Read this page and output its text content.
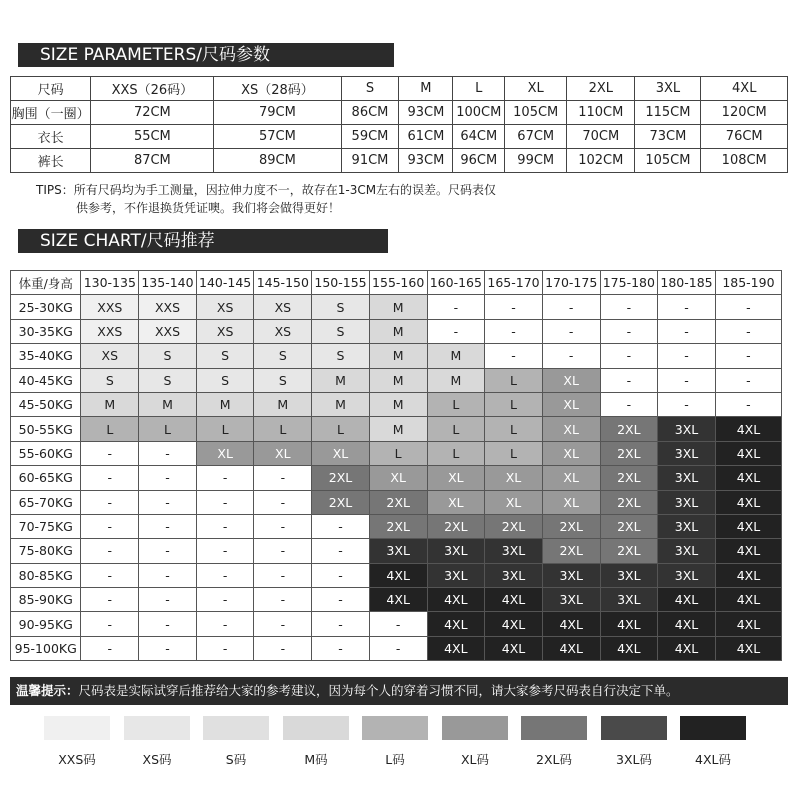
SIZE PARAMETERS/尺码参数
尺码	XXS（26码）	XS（28码）	S	M	L	XL	2XL	3XL	4XL
胸围（一圈）	72CM	79CM	86CM	93CM	100CM	105CM	110CM	115CM	120CM
衣长	55CM	57CM	59CM	61CM	64CM	67CM	70CM	73CM	76CM
裤长	87CM	89CM	91CM	93CM	96CM	99CM	102CM	105CM	108CM
TIPS：所有尺码均为手工测量，因拉伸力度不一，故存在1-3CM左右的误差。尺码表仅
供参考，不作退换货凭证噢。我们将会做得更好！
SIZE CHART/尺码推荐
体重/身高	130-135	135-140	140-145	145-150	150-155	155-160	160-165	165-170	170-175	175-180	180-185	185-190
25-30KG	XXS	XXS	XS	XS	S	M	-	-	-	-	-	-
30-35KG	XXS	XXS	XS	XS	S	M	-	-	-	-	-	-
35-40KG	XS	S	S	S	S	M	M	-	-	-	-	-
40-45KG	S	S	S	S	M	M	M	L	XL	-	-	-
45-50KG	M	M	M	M	M	M	L	L	XL	-	-	-
50-55KG	L	L	L	L	L	M	L	L	XL	2XL	3XL	4XL
55-60KG	-	-	XL	XL	XL	L	L	L	XL	2XL	3XL	4XL
60-65KG	-	-	-	-	2XL	XL	XL	XL	XL	2XL	3XL	4XL
65-70KG	-	-	-	-	2XL	2XL	XL	XL	XL	2XL	3XL	4XL
70-75KG	-	-	-	-	-	2XL	2XL	2XL	2XL	2XL	3XL	4XL
75-80KG	-	-	-	-	-	3XL	3XL	3XL	2XL	2XL	3XL	4XL
80-85KG	-	-	-	-	-	4XL	3XL	3XL	3XL	3XL	3XL	4XL
85-90KG	-	-	-	-	-	4XL	4XL	4XL	3XL	3XL	4XL	4XL
90-95KG	-	-	-	-	-	-	4XL	4XL	4XL	4XL	4XL	4XL
95-100KG	-	-	-	-	-	-	4XL	4XL	4XL	4XL	4XL	4XL
温馨提示：尺码表是实际试穿后推荐给大家的参考建议，因为每个人的穿着习惯不同，请大家参考尺码表自行决定下单。
XXS码	XS码	S码	M码	L码	XL码	2XL码	3XL码	4XL码
